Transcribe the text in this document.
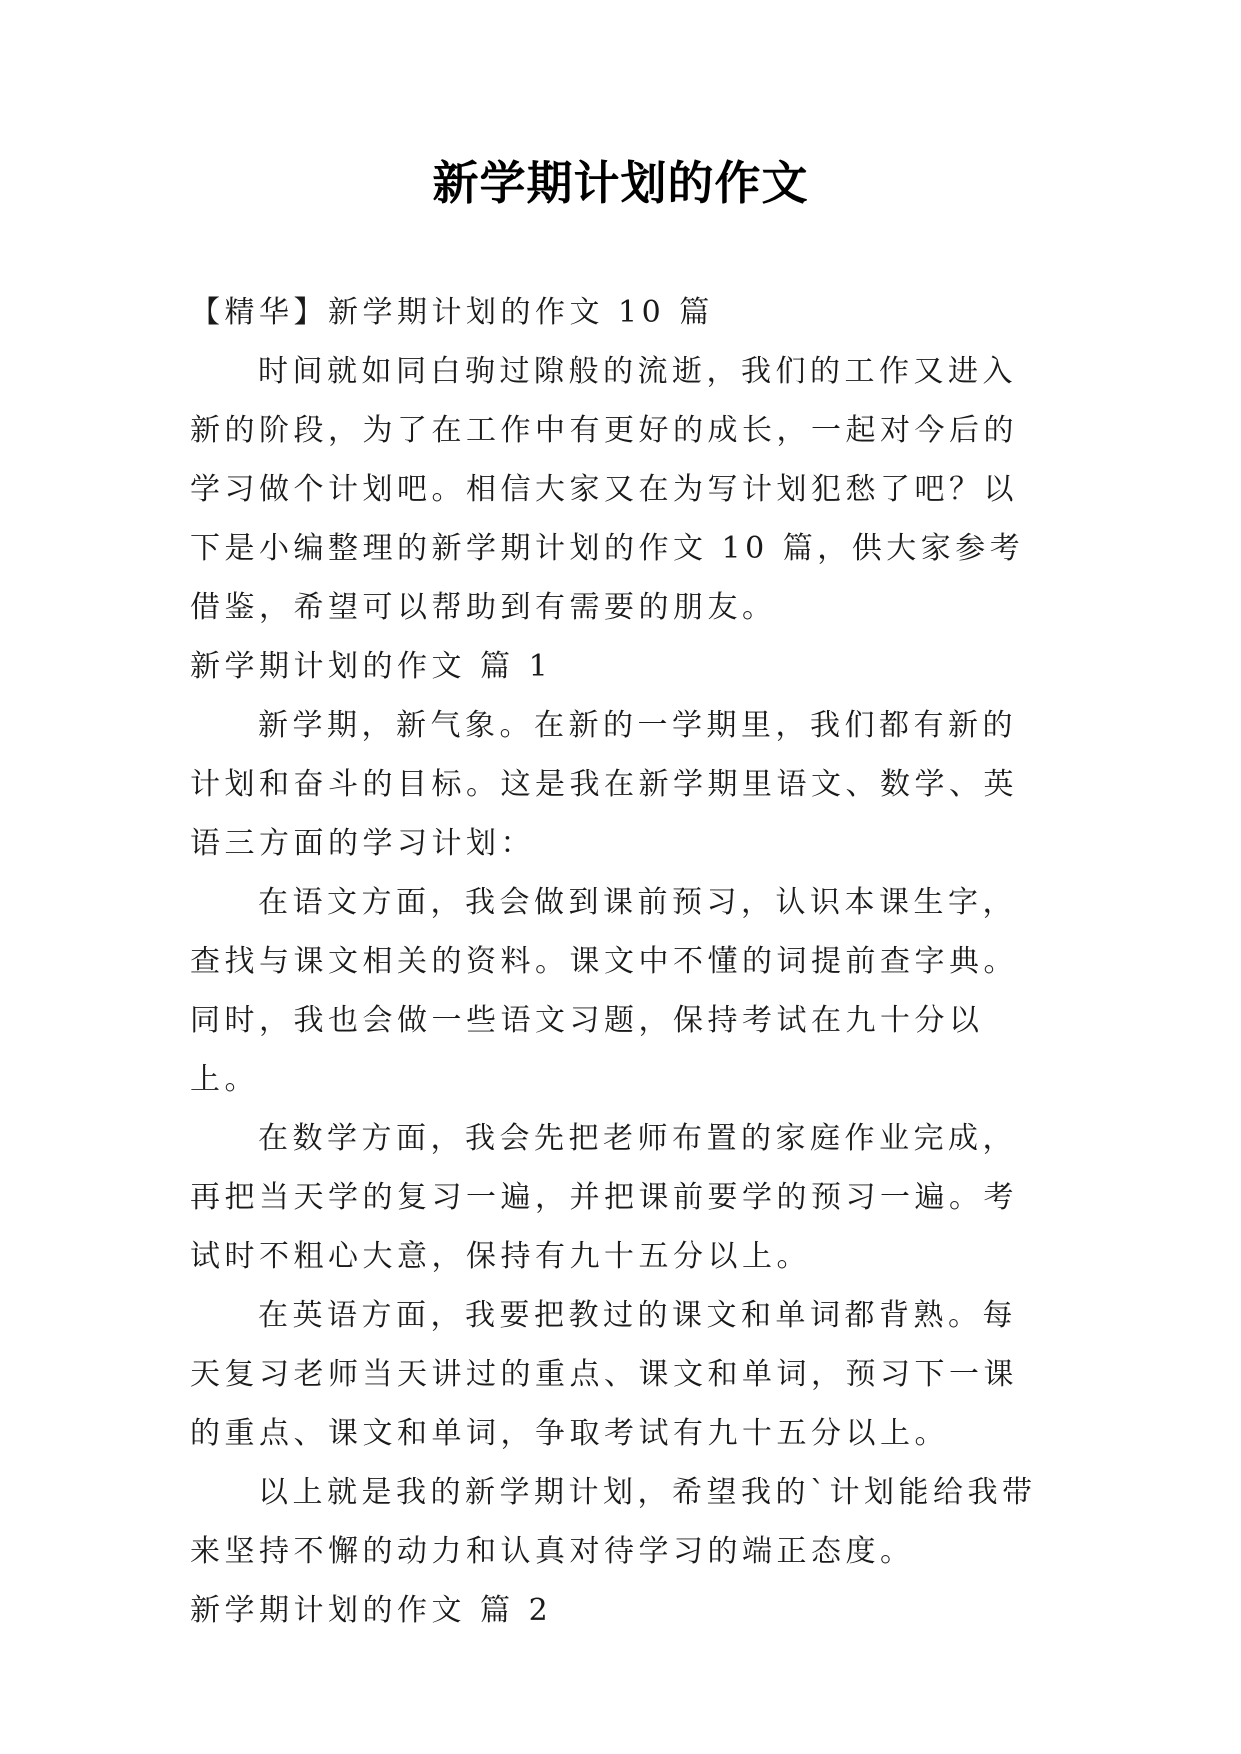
新学期计划的作文

【精华】新学期计划的作文 10 篇

时间就如同白驹过隙般的流逝，我们的工作又进入新的阶段，为了在工作中有更好的成长，一起对今后的学习做个计划吧。相信大家又在为写计划犯愁了吧？以下是小编整理的新学期计划的作文 10 篇，供大家参考借鉴，希望可以帮助到有需要的朋友。

新学期计划的作文 篇 1

新学期，新气象。在新的一学期里，我们都有新的计划和奋斗的目标。这是我在新学期里语文、数学、英语三方面的学习计划：

在语文方面，我会做到课前预习，认识本课生字，查找与课文相关的资料。课文中不懂的词提前查字典。同时，我也会做一些语文习题，保持考试在九十分以上。

在数学方面，我会先把老师布置的家庭作业完成，再把当天学的复习一遍，并把课前要学的预习一遍。考试时不粗心大意，保持有九十五分以上。

在英语方面，我要把教过的课文和单词都背熟。每天复习老师当天讲过的重点、课文和单词，预习下一课的重点、课文和单词，争取考试有九十五分以上。

以上就是我的新学期计划，希望我的`计划能给我带来坚持不懈的动力和认真对待学习的端正态度。

新学期计划的作文 篇 2
